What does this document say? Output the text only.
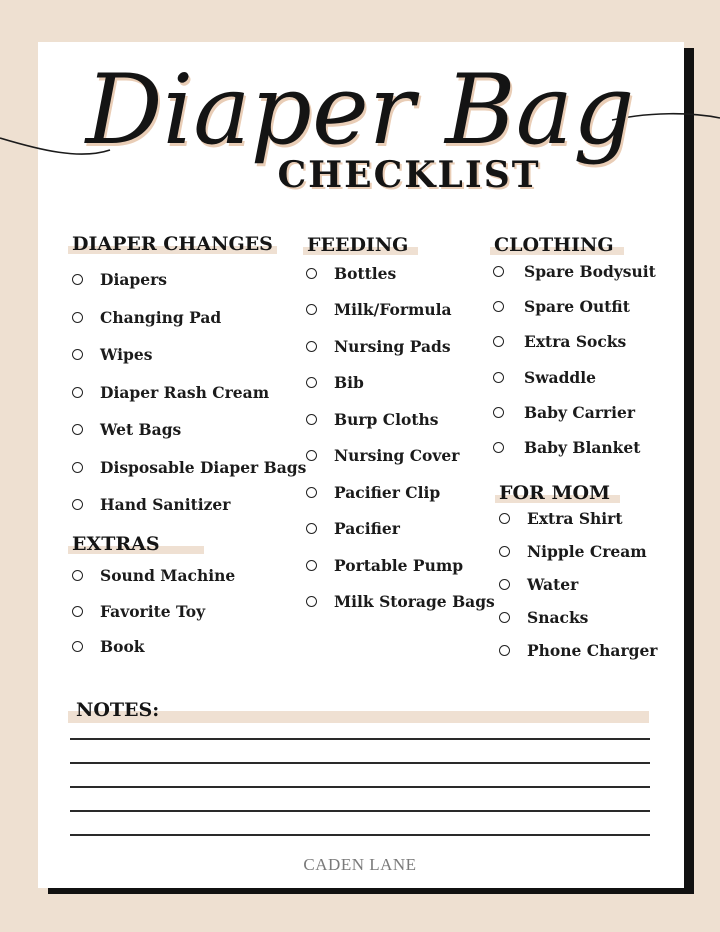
Diaper Bag
CHECKLIST
DIAPER CHANGES
Diapers
Changing Pad
Wipes
Diaper Rash Cream
Wet Bags
Disposable Diaper Bags
Hand Sanitizer
EXTRAS
Sound Machine
Favorite Toy
Book
FEEDING
Bottles
Milk/Formula
Nursing Pads
Bib
Burp Cloths
Nursing Cover
Pacifier Clip
Pacifier
Portable Pump
Milk Storage Bags
CLOTHING
Spare Bodysuit
Spare Outfit
Extra Socks
Swaddle
Baby Carrier
Baby Blanket
FOR MOM
Extra Shirt
Nipple Cream
Water
Snacks
Phone Charger
NOTES:
CADEN LANE
